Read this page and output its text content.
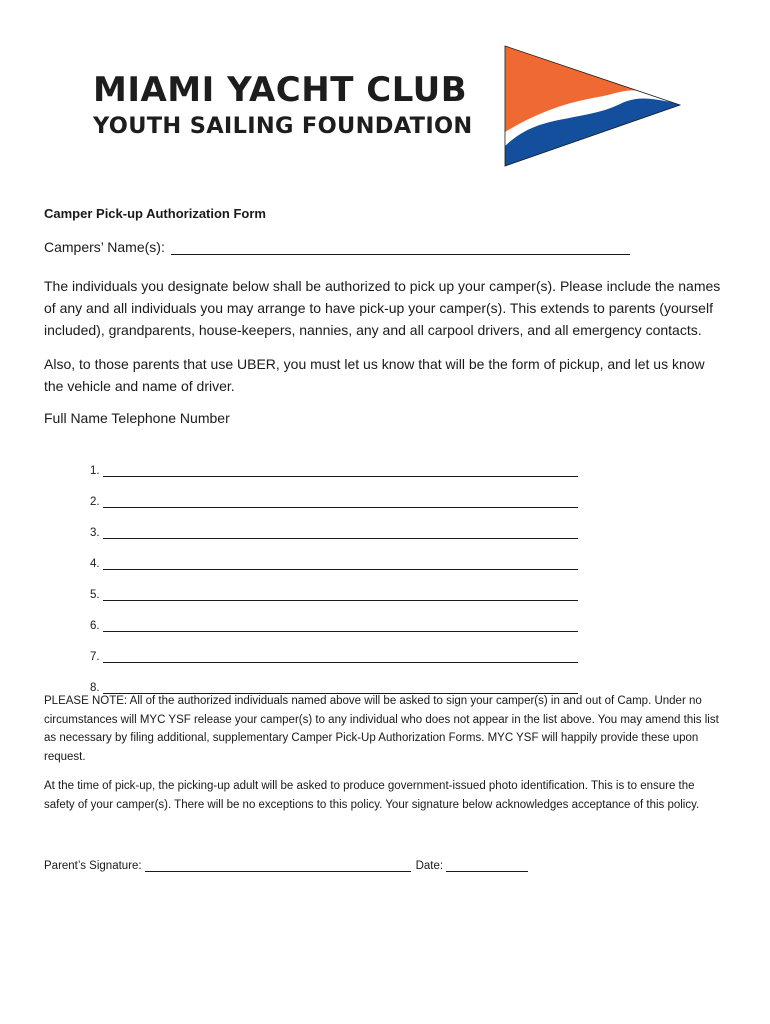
MIAMI YACHT CLUB
YOUTH SAILING FOUNDATION
Camper Pick-up Authorization Form
Campers’ Name(s):
The individuals you designate below shall be authorized to pick up your camper(s). Please include the names of any and all individuals you may arrange to have pick-up your camper(s). This extends to parents (yourself included), grandparents, house-keepers, nannies, any and all carpool drivers, and all emergency contacts.
Also, to those parents that use UBER, you must let us know that will be the form of pickup, and let us know the vehicle and name of driver.
Full Name Telephone Number
1.
2.
3.
4.
5.
6.
7.
8.
PLEASE NOTE: All of the authorized individuals named above will be asked to sign your camper(s) in and out of Camp. Under no circumstances will MYC YSF release your camper(s) to any individual who does not appear in the list above. You may amend this list as necessary by filing additional, supplementary Camper Pick-Up Authorization Forms. MYC YSF will happily provide these upon request.
At the time of pick-up, the picking-up adult will be asked to produce government-issued photo identification. This is to ensure the safety of your camper(s). There will be no exceptions to this policy. Your signature below acknowledges acceptance of this policy.
Parent’s Signature:	Date:
